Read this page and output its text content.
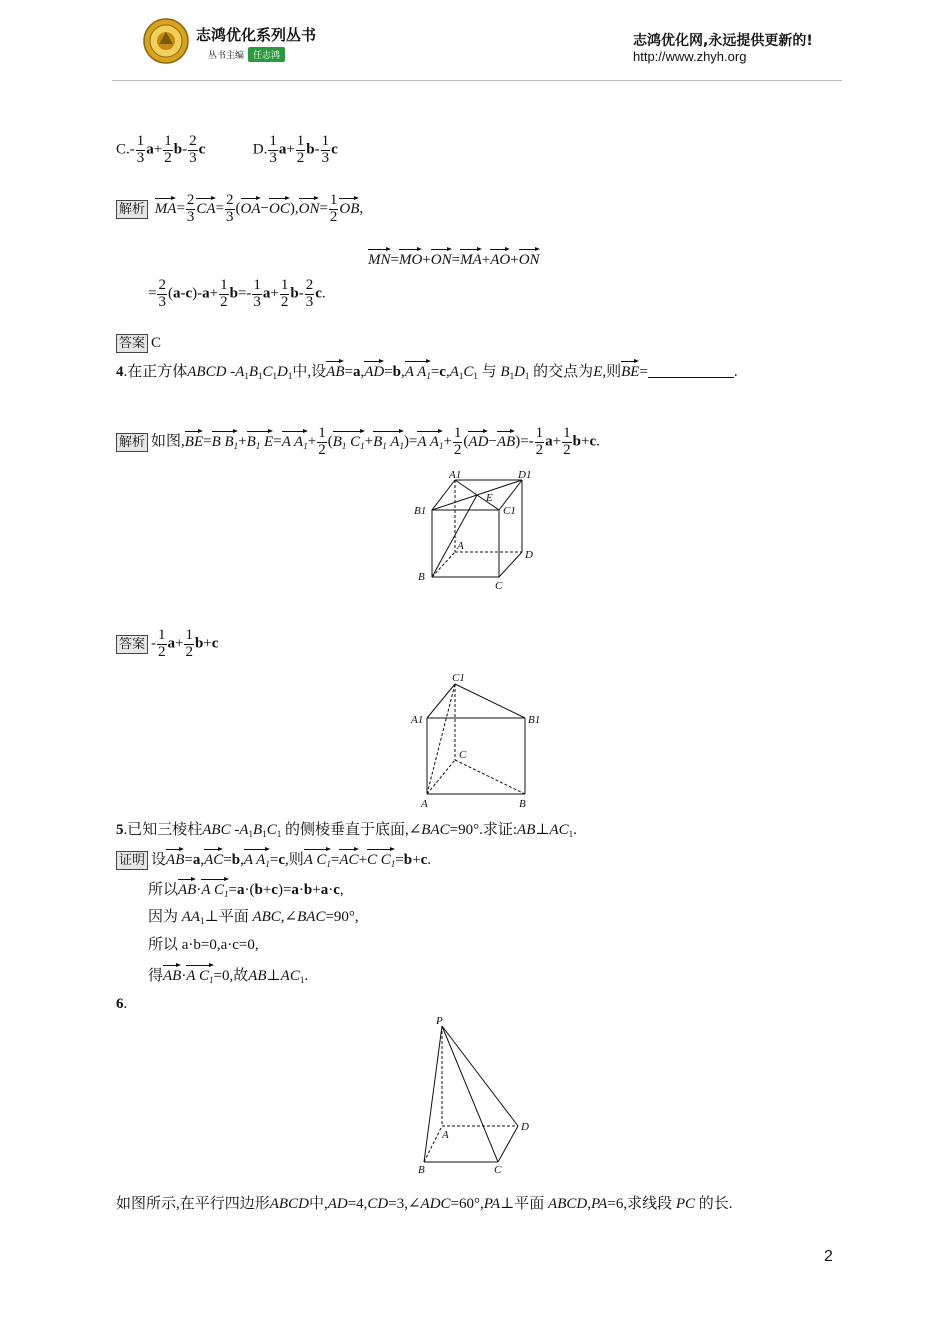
志鸿优化系列丛书
丛书主编 任志鸿
志鸿优化网,永远提供更新的!
http://www.zhyh.org
$C.- \frac{1}{3} a+ \frac{1}{2} b- \frac{2}{3}$ c	D. $\frac{1}{3} a+ \frac{1}{2} b- \frac{1}{3}$ c
解析 $MA= \frac{2}{3} CA= \frac{2}{3} (OA-OC),ON= \frac{1}{2}$ OB,
MN=MO+ON=MA+AO+ON
= $\frac{2}{3} (a-c)-a+ \frac{1}{2} b=- \frac{1}{3} a+ \frac{1}{2} b- \frac{2}{3} c$.
答案 C
4.在正方体ABCD $-A_1B_1C_1D_1$中,设AB=a,AD=b,A $A_1=c,A_1C_1$ 与 $B_1D_1$ 的交点为E,则BE=	.
解析 如图,BE=B $B_1+B_1$ E=A $A_1+ \frac{1}{2} (B_1$ $C_1+B_1$ $A_1)=A$ $A_1+ \frac{1}{2} (AD-AB)=- \frac{1}{2} a+ \frac{1}{2} b+c$.
A1	D1
E
B1	C1
A
D
B
C
答案 - $\frac{1}{2} a+ \frac{1}{2} b+c$
C1
A1	B1
C
A	B
5.已知三棱柱ABC $-A_1B_1C_1$ 的侧棱垂直于底面,∠BAC=90°.求证$:AB\perp AC_1$.
证明 设AB=a,AC=b,A $A_1=c$,则A $C_1=AC+C$ $C_1=b+c$.
所以AB·A $C_1=a\cdot(b+c)=a\cdot b+a\cdot c$,
因为 $AA_1\perp$平面 ABC,∠BAC=90°,
所以 a·b=0,a·c=0,
得AB·A $C_1=0$,故$AB\perp AC_1$.
6.
P
A
D
B	C
如图所示,在平行四边形ABCD中,AD=4,CD=3,∠ADC=60°,PA⊥平面 ABCD,PA=6,求线段 PC 的长.
2
